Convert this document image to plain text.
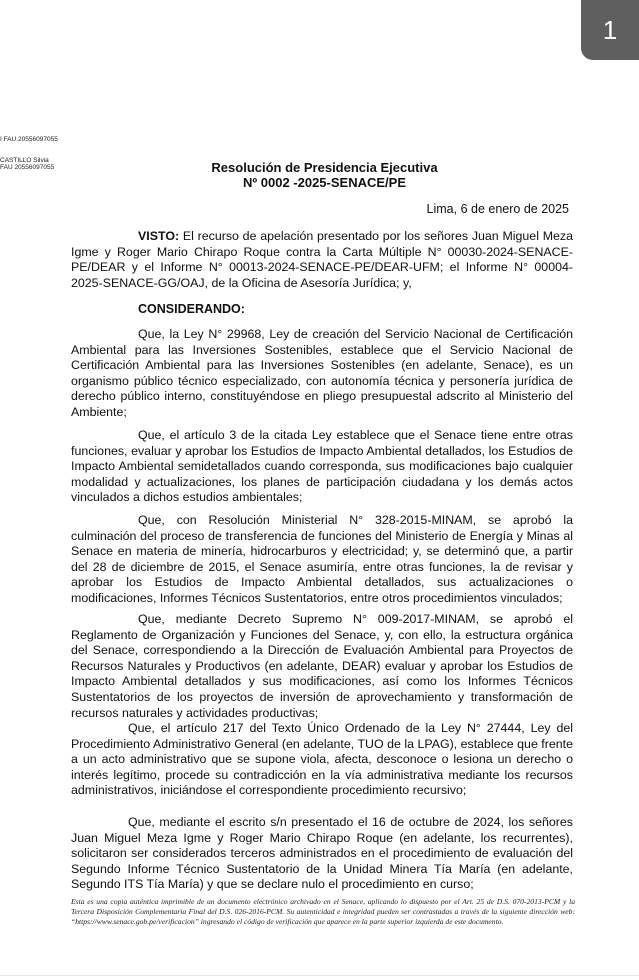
1
I FAU 20556097055
CASTILLO Silvia
FAU 20556097055	Resolución de Presidencia Ejecutiva
Nº 0002 -2025-SENACE/PE
Lima, 6 de enero de 2025

VISTO: El recurso de apelación presentado por los señores Juan Miguel Meza Igme y Roger Mario Chirapo Roque contra la Carta Múltiple N° 00030-2024-SENACE-PE/DEAR y el Informe N° 00013-2024-SENACE-PE/DEAR-UFM; el Informe N° 00004-2025-SENACE-GG/OAJ, de la Oficina de Asesoría Jurídica; y,

CONSIDERANDO:

Que, la Ley N° 29968, Ley de creación del Servicio Nacional de Certificación Ambiental para las Inversiones Sostenibles, establece que el Servicio Nacional de Certificación Ambiental para las Inversiones Sostenibles (en adelante, Senace), es un organismo público técnico especializado, con autonomía técnica y personería jurídica de derecho público interno, constituyéndose en pliego presupuestal adscrito al Ministerio del Ambiente;

Que, el artículo 3 de la citada Ley establece que el Senace tiene entre otras funciones, evaluar y aprobar los Estudios de Impacto Ambiental detallados, los Estudios de Impacto Ambiental semidetallados cuando corresponda, sus modificaciones bajo cualquier modalidad y actualizaciones, los planes de participación ciudadana y los demás actos vinculados a dichos estudios ambientales;

Que, con Resolución Ministerial N° 328-2015-MINAM, se aprobó la culminación del proceso de transferencia de funciones del Ministerio de Energía y Minas al Senace en materia de minería, hidrocarburos y electricidad; y, se determinó que, a partir del 28 de diciembre de 2015, el Senace asumiría, entre otras funciones, la de revisar y aprobar los Estudios de Impacto Ambiental detallados, sus actualizaciones o modificaciones, Informes Técnicos Sustentatorios, entre otros procedimientos vinculados;

Que, mediante Decreto Supremo N° 009-2017-MINAM, se aprobó el Reglamento de Organización y Funciones del Senace, y, con ello, la estructura orgánica del Senace, correspondiendo a la Dirección de Evaluación Ambiental para Proyectos de Recursos Naturales y Productivos (en adelante, DEAR) evaluar y aprobar los Estudios de Impacto Ambiental detallados y sus modificaciones, así como los Informes Técnicos Sustentatorios de los proyectos de inversión de aprovechamiento y transformación de recursos naturales y actividades productivas;

Que, el artículo 217 del Texto Único Ordenado de la Ley N° 27444, Ley del Procedimiento Administrativo General (en adelante, TUO de la LPAG), establece que frente a un acto administrativo que se supone viola, afecta, desconoce o lesiona un derecho o interés legítimo, procede su contradicción en la vía administrativa mediante los recursos administrativos, iniciándose el correspondiente procedimiento recursivo;

Que, mediante el escrito s/n presentado el 16 de octubre de 2024, los señores Juan Miguel Meza Igme y Roger Mario Chirapo Roque (en adelante, los recurrentes), solicitaron ser considerados terceros administrados en el procedimiento de evaluación del Segundo Informe Técnico Sustentatorio de la Unidad Minera Tía María (en adelante, Segundo ITS Tía María) y que se declare nulo el procedimiento en curso;

Esta es una copia auténtica imprimible de un documento electrónico archivado en el Senace, aplicando lo dispuesto por el Art. 25 de D.S. 070-2013-PCM y la Tercera Disposición Complementaria Final del D.S. 026-2016-PCM. Su autenticidad e integridad pueden ser contrastadas a través de la siguiente dirección web: “https://www.senace.gob.pe/verificacion” ingresando el código de verificación que aparece en la parte superior izquierda de este documento.
